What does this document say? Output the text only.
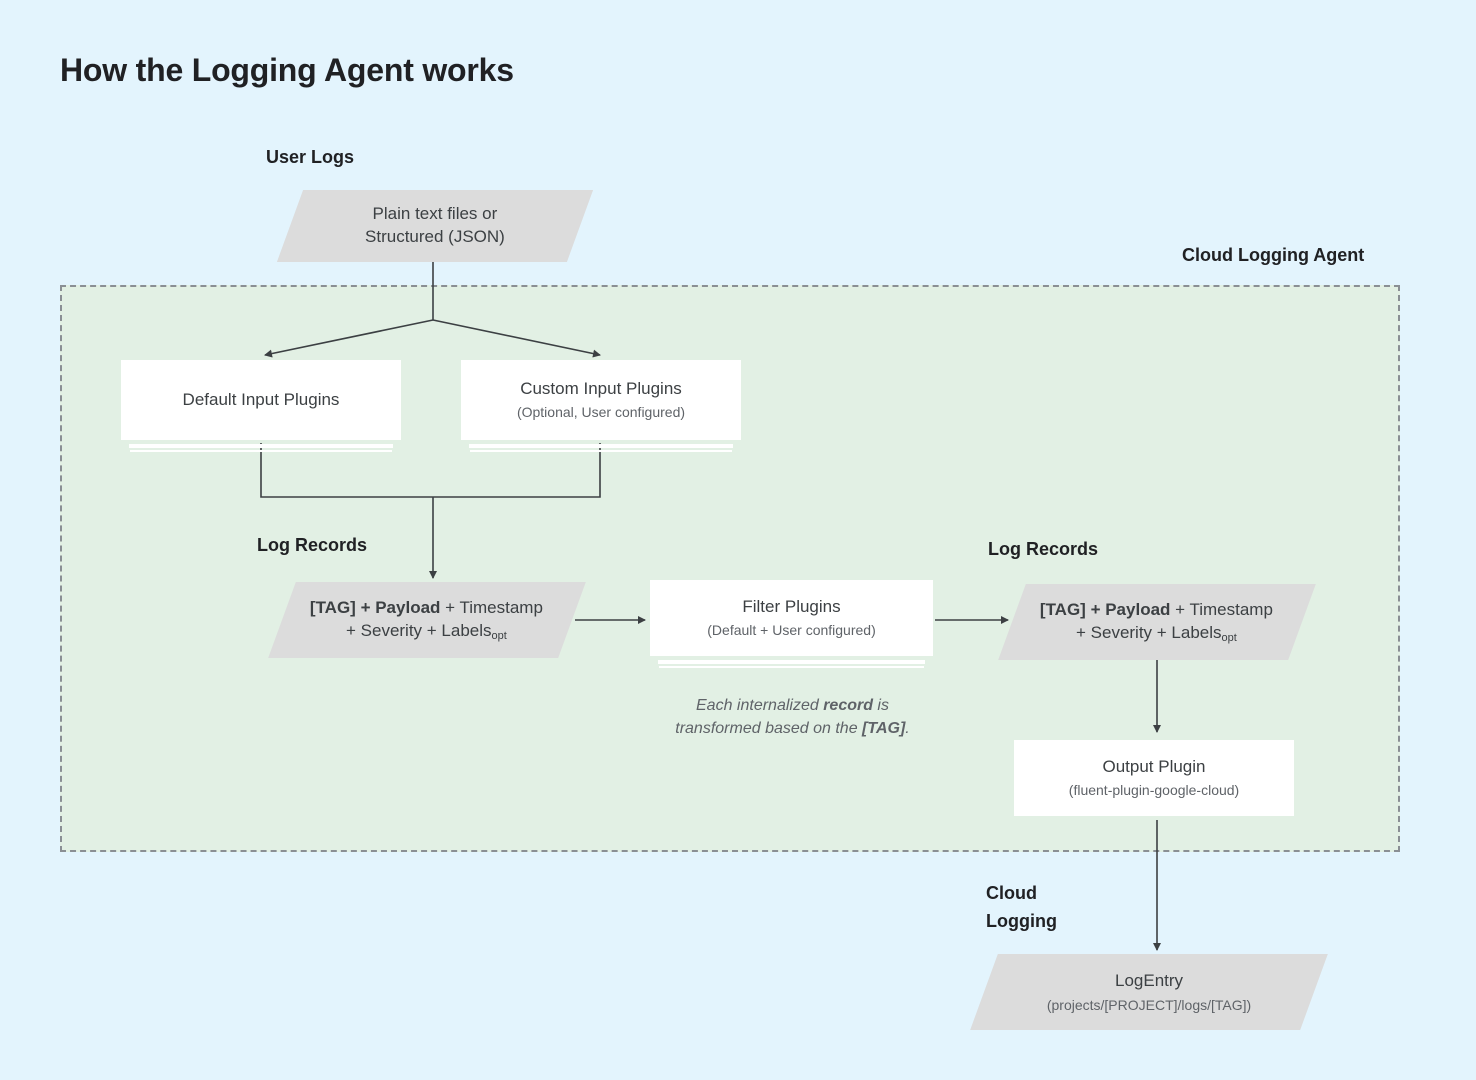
How the Logging Agent works
User Logs
Cloud Logging Agent
Plain text files or
Structured (JSON)
Default Input Plugins
Custom Input Plugins
(Optional, User configured)
Log Records	Log Records
[TAG] + Payload + Timestamp
+ Severity + Labels$_{opt}$
Filter Plugins
(Default + User configured)
Each internalized record is
transformed based on the [TAG].
[TAG] + Payload + Timestamp
+ Severity + Labels$_{opt}$
Output Plugin
(fluent-plugin-google-cloud)
Cloud
Logging
LogEntry
(projects/[PROJECT]/logs/[TAG])
